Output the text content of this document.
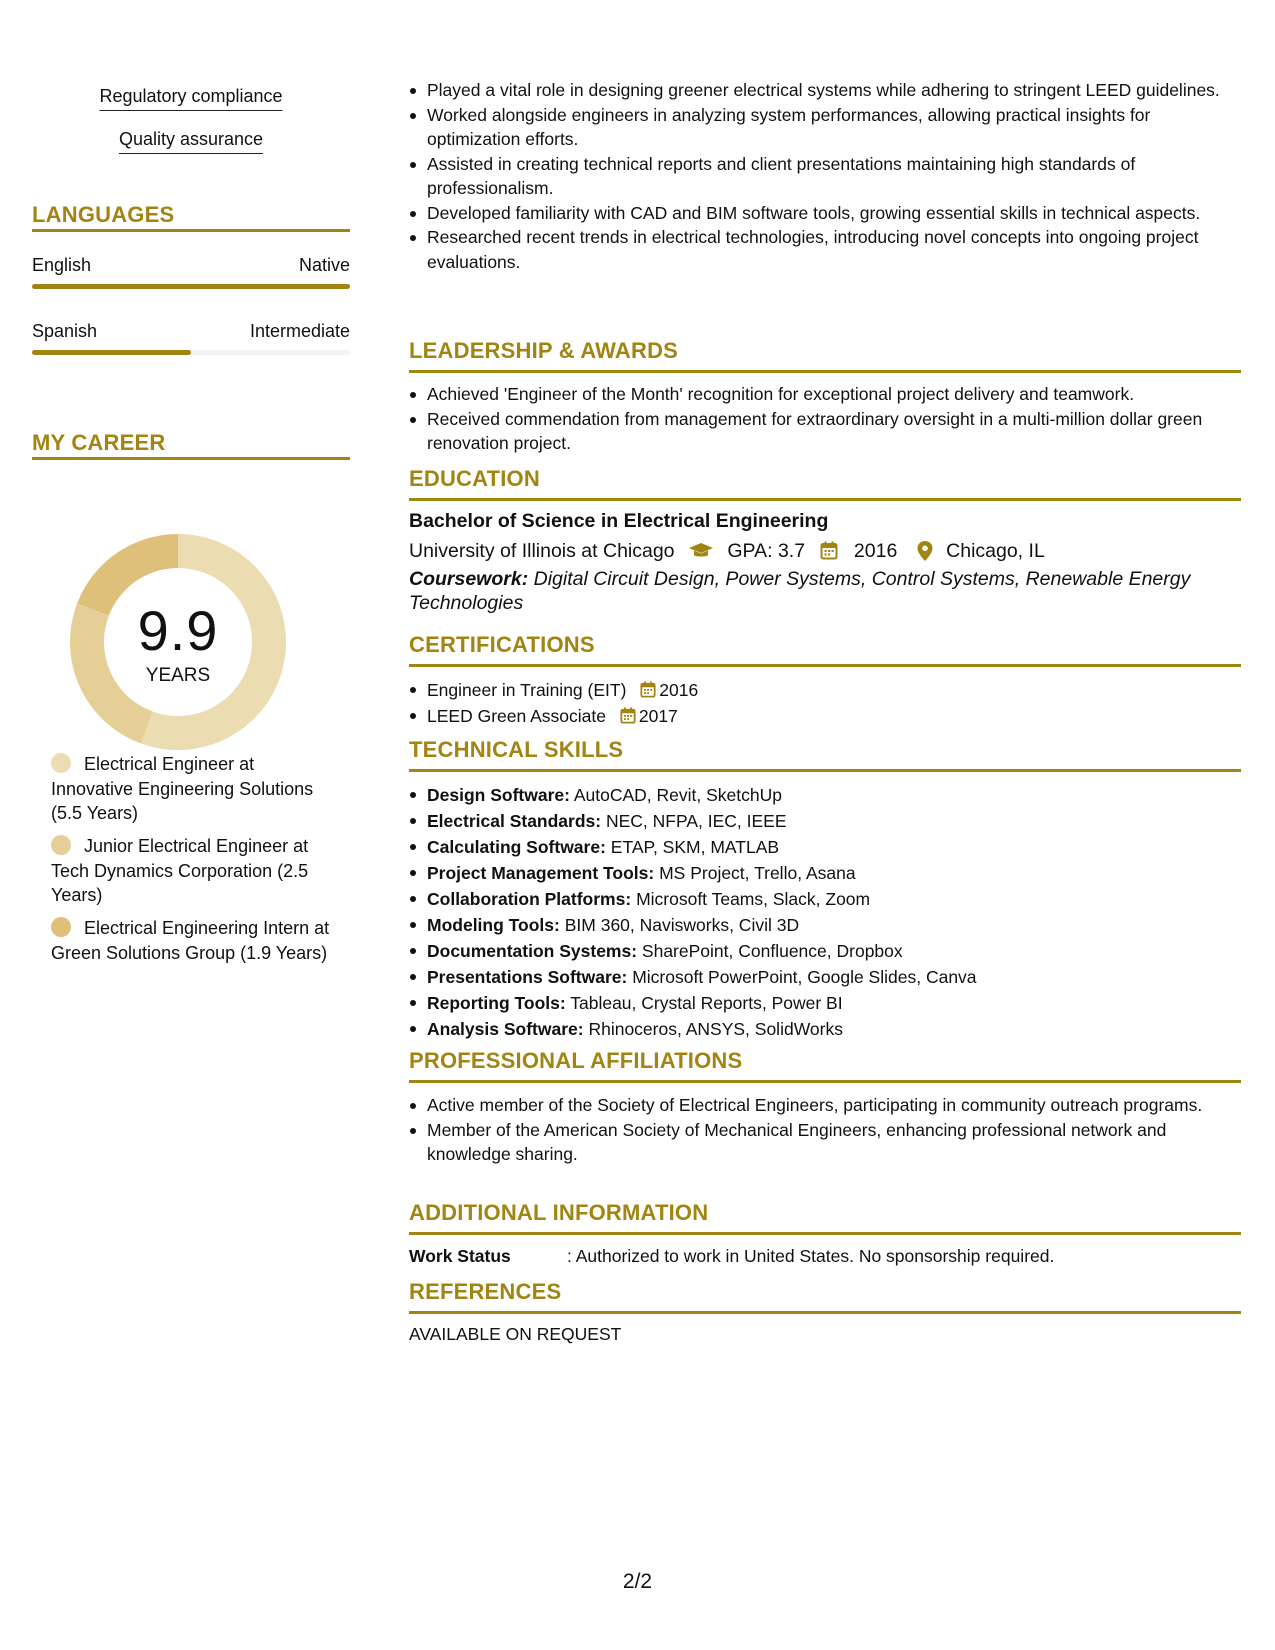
Regulatory compliance
Quality assurance
LANGUAGES
English	Native
Spanish	Intermediate
MY CAREER
9.9
YEARS
Electrical Engineer at Innovative Engineering Solutions (5.5 Years)
Junior Electrical Engineer at Tech Dynamics Corporation (2.5 Years)
Electrical Engineering Intern at Green Solutions Group (1.9 Years)
Played a vital role in designing greener electrical systems while adhering to stringent LEED guidelines.
Worked alongside engineers in analyzing system performances, allowing practical insights for optimization efforts.
Assisted in creating technical reports and client presentations maintaining high standards of professionalism.
Developed familiarity with CAD and BIM software tools, growing essential skills in technical aspects.
Researched recent trends in electrical technologies, introducing novel concepts into ongoing project evaluations.
LEADERSHIP & AWARDS
Achieved 'Engineer of the Month' recognition for exceptional project delivery and teamwork.
Received commendation from management for extraordinary oversight in a multi-million dollar green renovation project.
EDUCATION
Bachelor of Science in Electrical Engineering
University of Illinois at Chicago	GPA: 3.7	2016	Chicago, IL
Coursework: Digital Circuit Design, Power Systems, Control Systems, Renewable Energy Technologies
CERTIFICATIONS
Engineer in Training (EIT) 2016
LEED Green Associate 2017
TECHNICAL SKILLS
Design Software: AutoCAD, Revit, SketchUp
Electrical Standards: NEC, NFPA, IEC, IEEE
Calculating Software: ETAP, SKM, MATLAB
Project Management Tools: MS Project, Trello, Asana
Collaboration Platforms: Microsoft Teams, Slack, Zoom
Modeling Tools: BIM 360, Navisworks, Civil 3D
Documentation Systems: SharePoint, Confluence, Dropbox
Presentations Software: Microsoft PowerPoint, Google Slides, Canva
Reporting Tools: Tableau, Crystal Reports, Power BI
Analysis Software: Rhinoceros, ANSYS, SolidWorks
PROFESSIONAL AFFILIATIONS
Active member of the Society of Electrical Engineers, participating in community outreach programs.
Member of the American Society of Mechanical Engineers, enhancing professional network and knowledge sharing.
ADDITIONAL INFORMATION
Work Status	: Authorized to work in United States. No sponsorship required.
REFERENCES
AVAILABLE ON REQUEST
2/2
